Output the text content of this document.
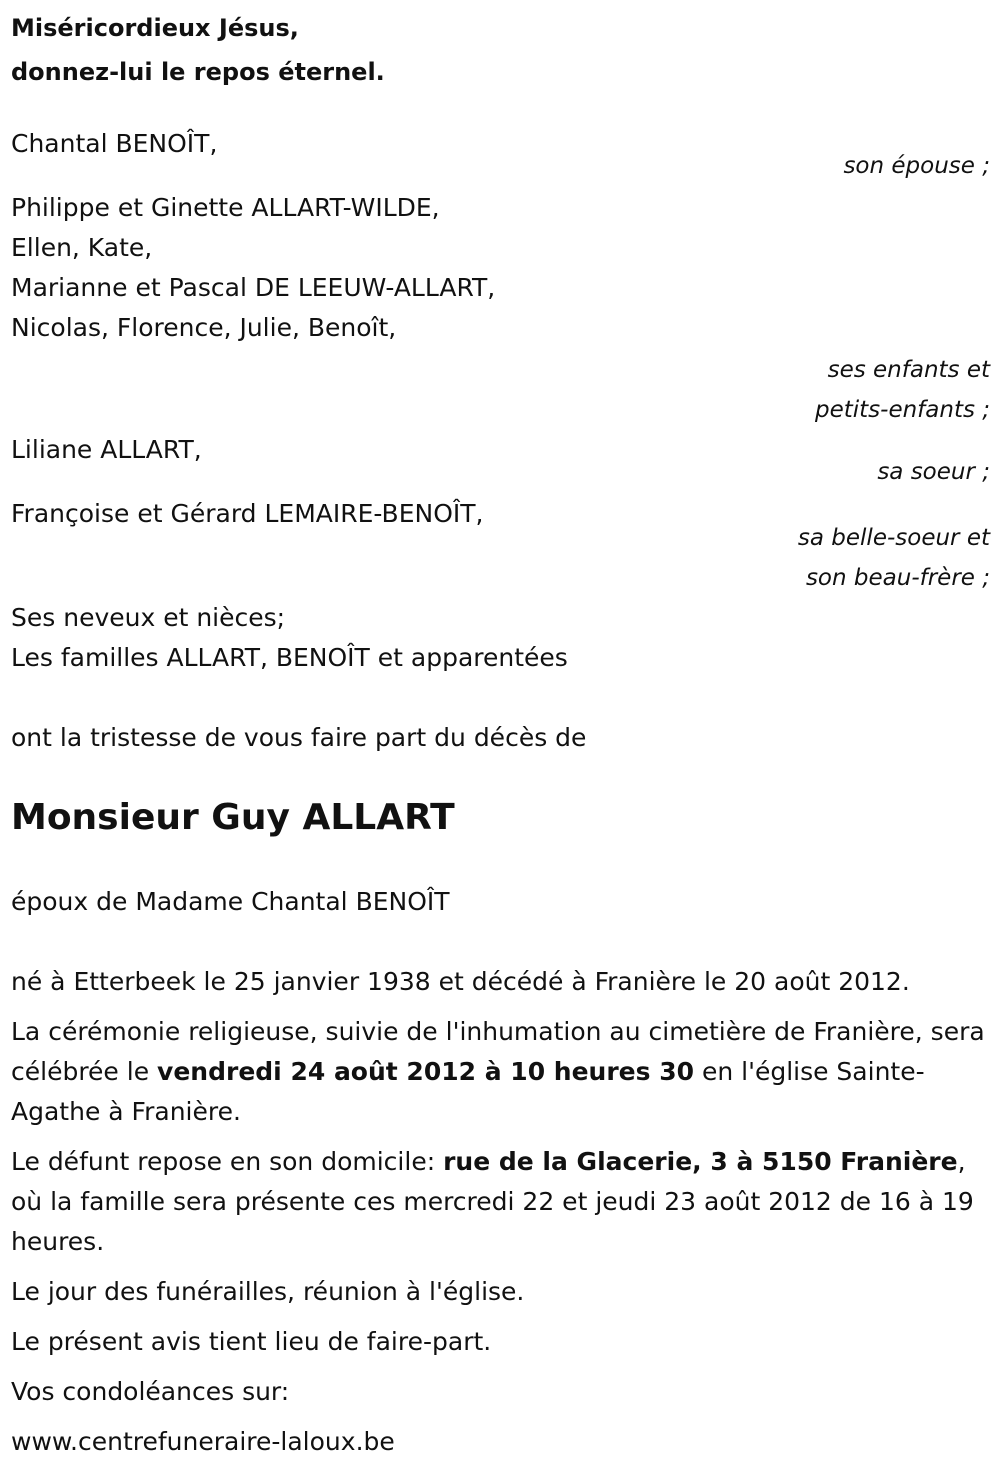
Miséricordieux Jésus,
donnez-lui le repos éternel.
Chantal BENOÎT,
son épouse ;
Philippe et Ginette ALLART-WILDE,
Ellen, Kate,
Marianne et Pascal DE LEEUW-ALLART,
Nicolas, Florence, Julie, Benoît,
ses enfants et
petits-enfants ;
Liliane ALLART,
sa soeur ;
Françoise et Gérard LEMAIRE-BENOÎT,
sa belle-soeur et
son beau-frère ;
Ses neveux et nièces;
Les familles ALLART, BENOÎT et apparentées

ont la tristesse de vous faire part du décès de

Monsieur Guy ALLART

époux de Madame Chantal BENOÎT

né à Etterbeek le 25 janvier 1938 et décédé à Franière le 20 août 2012.

La cérémonie religieuse, suivie de l'inhumation au cimetière de Franière, sera célébrée le vendredi 24 août 2012 à 10 heures 30 en l'église Sainte-Agathe à Franière.

Le défunt repose en son domicile: rue de la Glacerie, 3 à 5150 Franière, où la famille sera présente ces mercredi 22 et jeudi 23 août 2012 de 16 à 19 heures.

Le jour des funérailles, réunion à l'église.

Le présent avis tient lieu de faire-part.

Vos condoléances sur:

www.centrefuneraire-laloux.be
